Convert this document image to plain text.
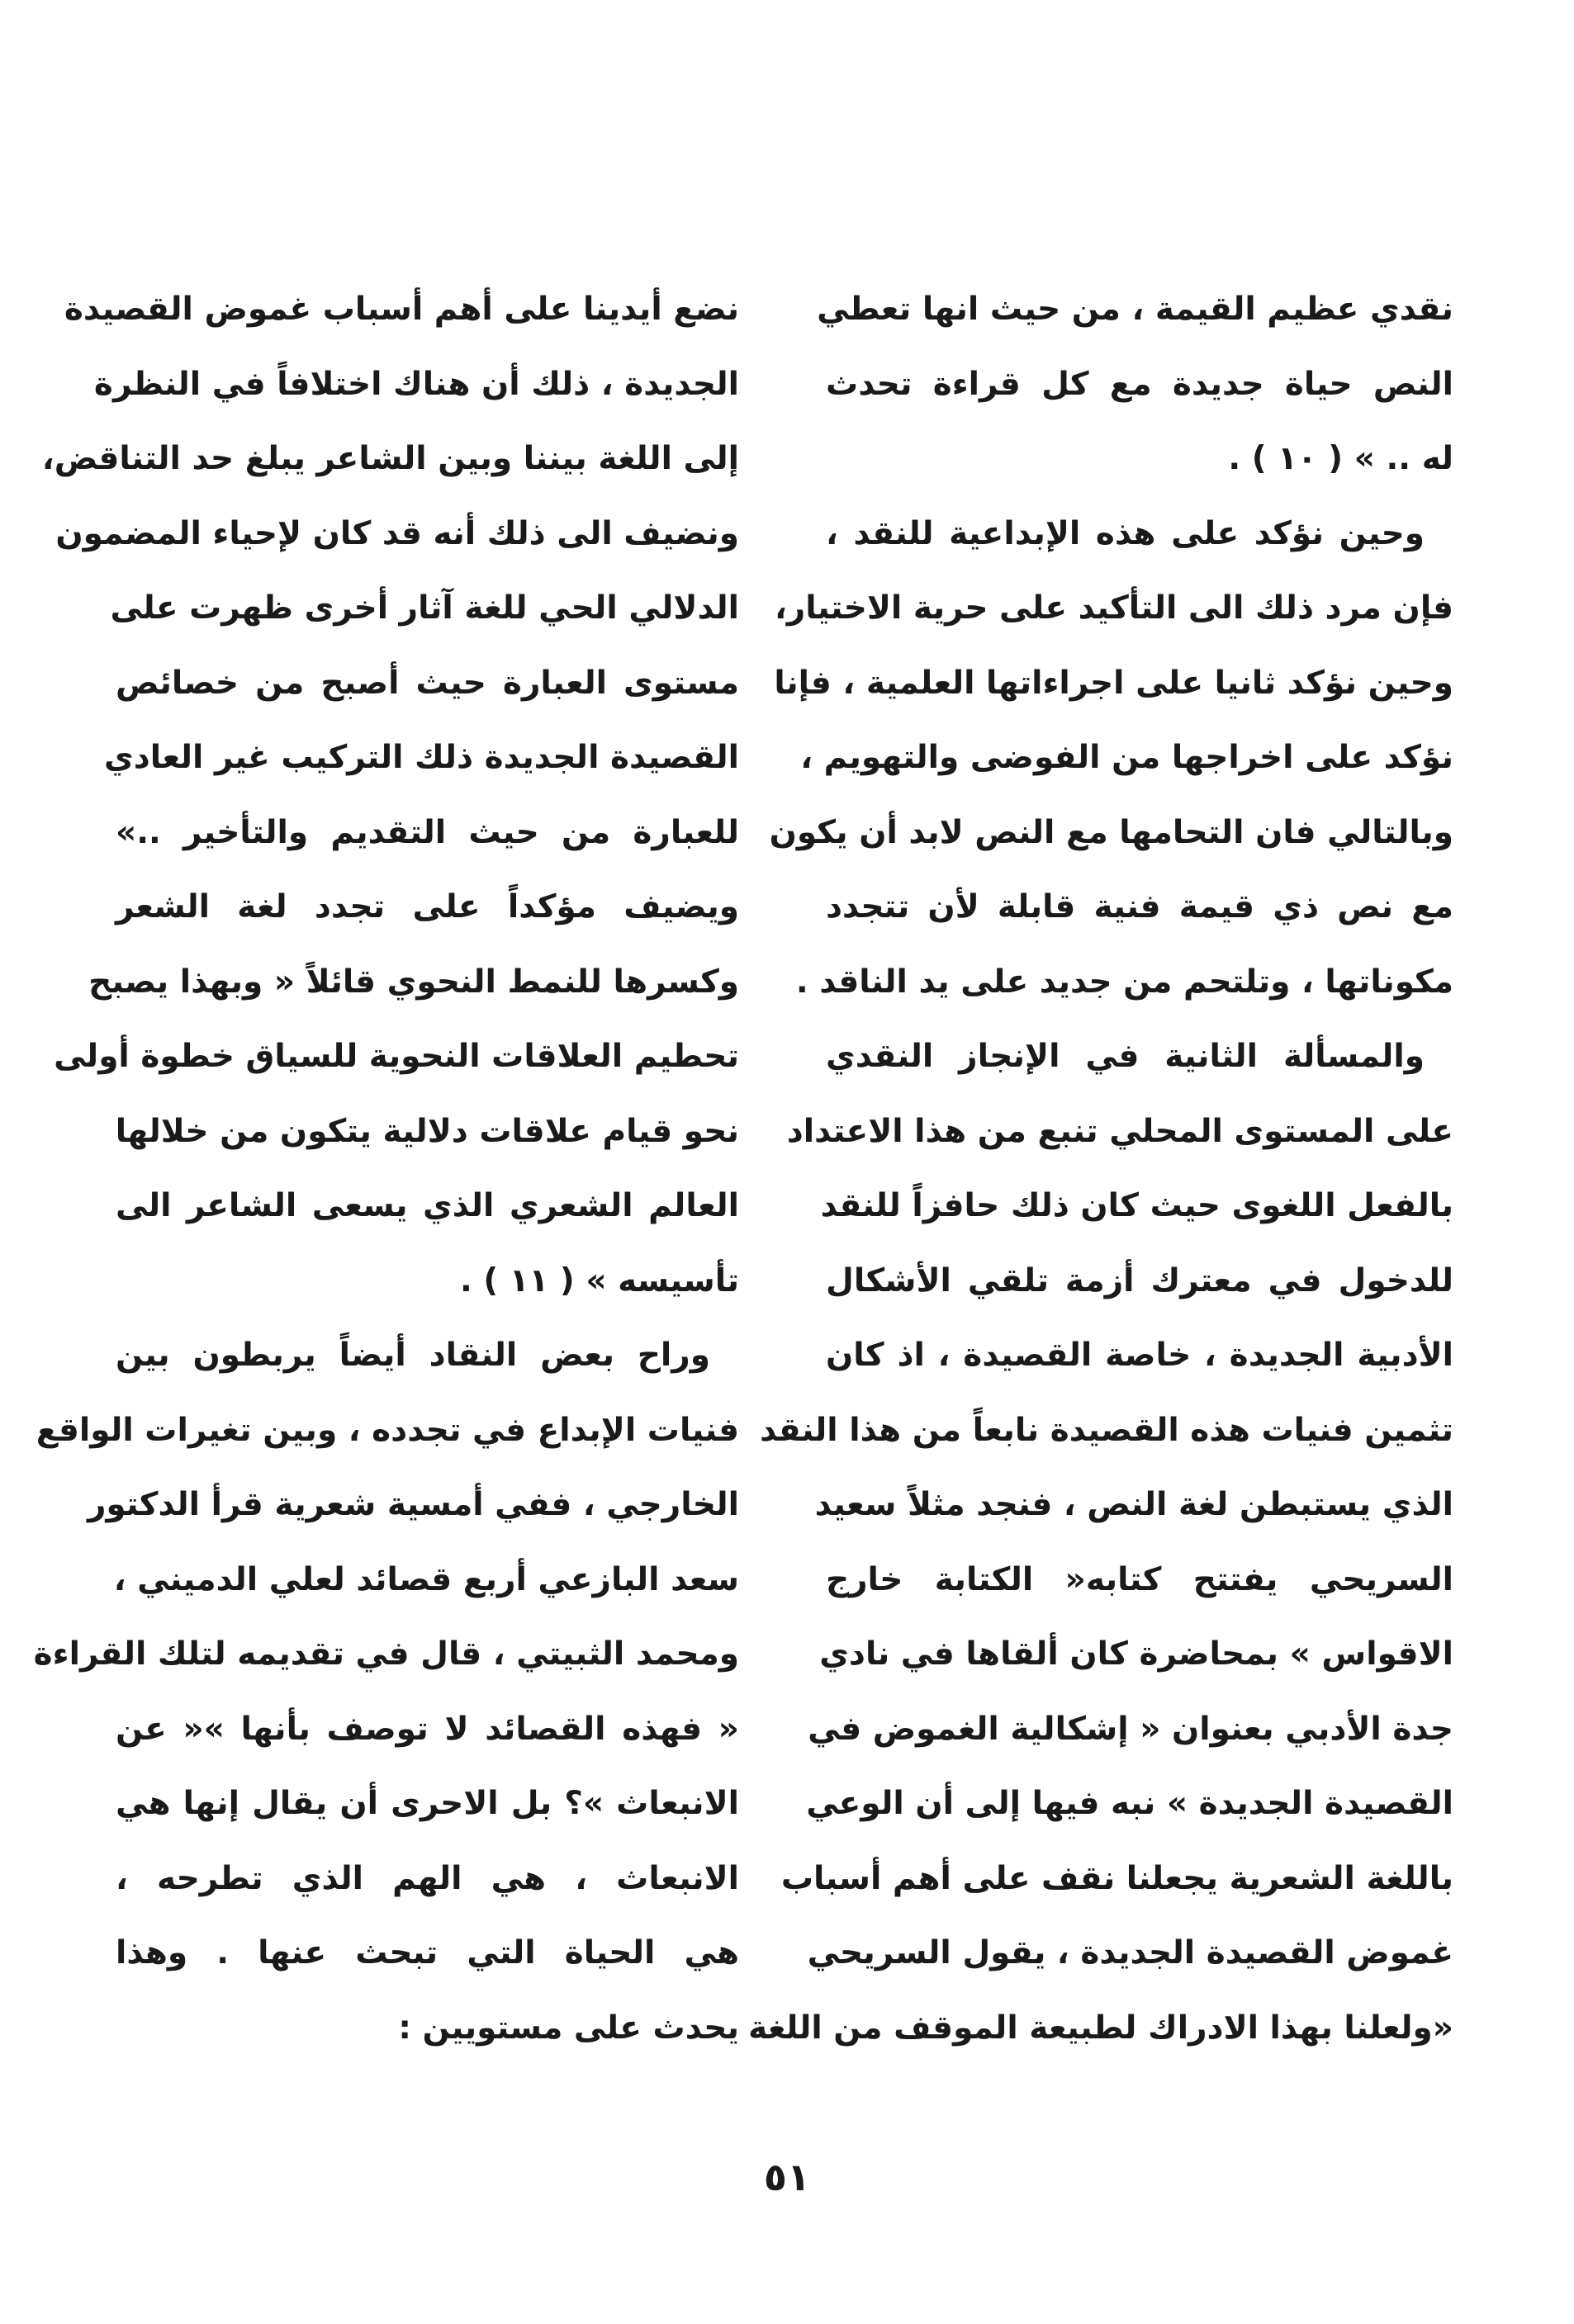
نقدي عظيم القيمة ، من حيث انها تعطي
النص حياة جديدة مع كل قراءة تحدث
له .. » ( ١٠ ) .
وحين نؤكد على هذه الإبداعية للنقد ،
فإن مرد ذلك الى التأكيد على حرية الاختيار،
وحين نؤكد ثانيا على اجراءاتها العلمية ، فإنا
نؤكد على اخراجها من الفوضى والتهويم ،
وبالتالي فان التحامها مع النص لابد أن يكون
مع نص ذي قيمة فنية قابلة لأن تتجدد
مكوناتها ، وتلتحم من جديد على يد الناقد .
والمسألة الثانية في الإنجاز النقدي
على المستوى المحلي تنبع من هذا الاعتداد
بالفعل اللغوى حيث كان ذلك حافزاً للنقد
للدخول في معترك أزمة تلقي الأشكال
الأدبية الجديدة ، خاصة القصيدة ، اذ كان
تثمين فنيات هذه القصيدة نابعاً من هذا النقد
الذي يستبطن لغة النص ، فنجد مثلاً سعيد
السريحي يفتتح كتابه« الكتابة خارج
الاقواس » بمحاضرة كان ألقاها في نادي
جدة الأدبي بعنوان « إشكالية الغموض في
القصيدة الجديدة » نبه فيها إلى أن الوعي
باللغة الشعرية يجعلنا نقف على أهم أسباب
غموض القصيدة الجديدة ، يقول السريحي
«ولعلنا بهذا الادراك لطبيعة الموقف من اللغة
نضع أيدينا على أهم أسباب غموض القصيدة
الجديدة ، ذلك أن هناك اختلافاً في النظرة
إلى اللغة بيننا وبين الشاعر يبلغ حد التناقض،
ونضيف الى ذلك أنه قد كان لإحياء المضمون
الدلالي الحي للغة آثار أخرى ظهرت على
مستوى العبارة حيث أصبح من خصائص
القصيدة الجديدة ذلك التركيب غير العادي
للعبارة من حيث التقديم والتأخير ..»
ويضيف مؤكداً على تجدد لغة الشعر
وكسرها للنمط النحوي قائلاً « وبهذا يصبح
تحطيم العلاقات النحوية للسياق خطوة أولى
نحو قيام علاقات دلالية يتكون من خلالها
العالم الشعري الذي يسعى الشاعر الى
تأسيسه » ( ١١ ) .
وراح بعض النقاد أيضاً يربطون بين
فنيات الإبداع في تجدده ، وبين تغيرات الواقع
الخارجي ، ففي أمسية شعرية قرأ الدكتور
سعد البازعي أربع قصائد لعلي الدميني ،
ومحمد الثبيتي ، قال في تقديمه لتلك القراءة
« فهذه القصائد لا توصف بأنها »« عن
الانبعاث »؟ بل الاحرى أن يقال إنها هي
الانبعاث ، هي الهم الذي تطرحه ،
هي الحياة التي تبحث عنها . وهذا
يحدث على مستويين :
٥١
